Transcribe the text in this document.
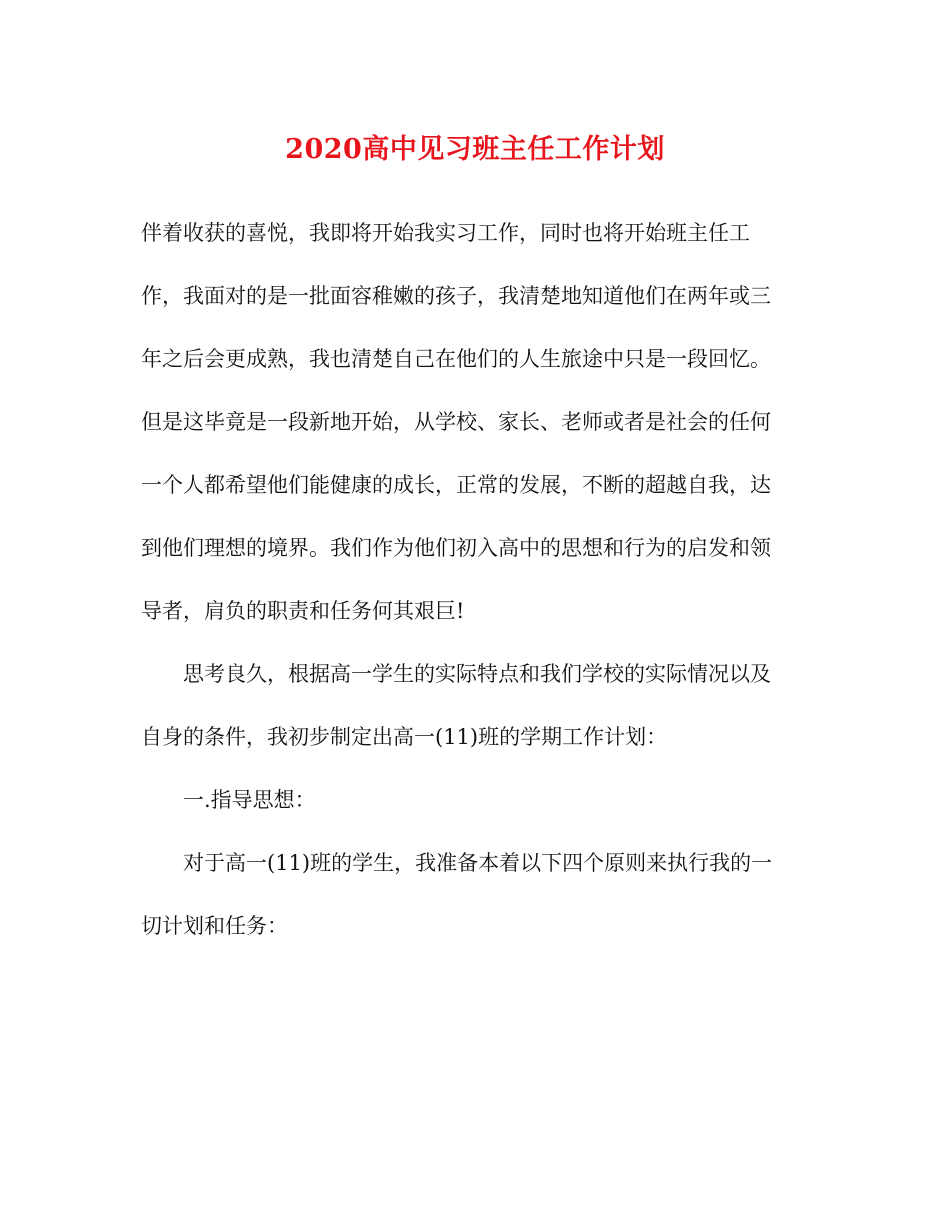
2020高中见习班主任工作计划
伴着收获的喜悦，我即将开始我实习工作，同时也将开始班主任工
作，我面对的是一批面容稚嫩的孩子，我清楚地知道他们在两年或三
年之后会更成熟，我也清楚自己在他们的人生旅途中只是一段回忆。
但是这毕竟是一段新地开始，从学校、家长、老师或者是社会的任何
一个人都希望他们能健康的成长，正常的发展，不断的超越自我，达
到他们理想的境界。我们作为他们初入高中的思想和行为的启发和领
导者，肩负的职责和任务何其艰巨!
思考良久，根据高一学生的实际特点和我们学校的实际情况以及
自身的条件，我初步制定出高一(11)班的学期工作计划：
一.指导思想：
对于高一(11)班的学生，我准备本着以下四个原则来执行我的一
切计划和任务：
